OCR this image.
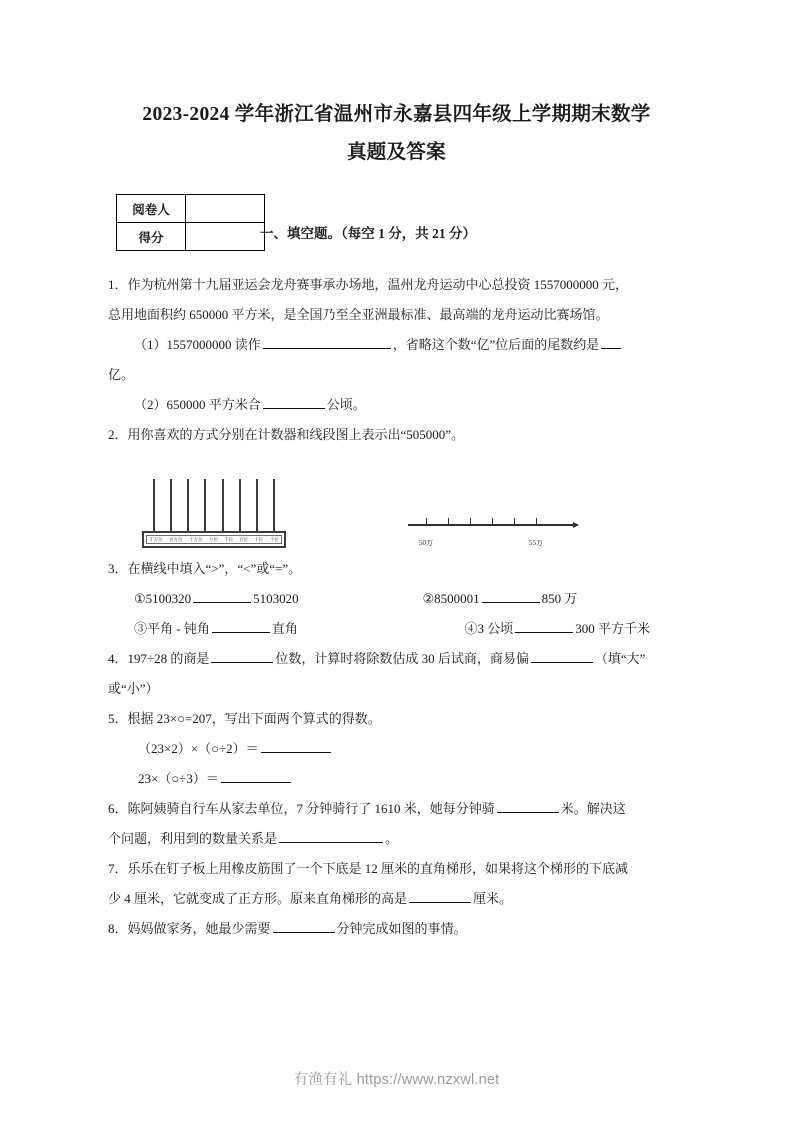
2023-2024 学年浙江省温州市永嘉县四年级上学期期末数学
真题及答案
阅卷人	
得分		一、填空题。（每空 1 分，共 21 分）

1．作为杭州第十九届亚运会龙舟赛事承办场地，温州龙舟运动中心总投资 1557000000 元，

总用地面积约 650000 平方米，是全国乃至全亚洲最标准、最高端的龙舟运动比赛场馆。

（1）1557000000 读作	，省略这个数“亿”位后面的尾数约是

亿。

（2）650000 平方米合	公顷。

2．用你喜欢的方式分别在计数器和线段图上表示出“505000”。

千万位 百万位 十万位 万位 千位 百位 十位 个位	50万	55万

3．在横线中填入“>”，“<”或“=”。

①5100320	5103020	②8500001	850 万
③平角 - 钝角	直角	④3 公顷	300 平方千米

4．197÷28 的商是	位数，计算时将除数估成 30 后试商，商易偏	（填“大”

或“小”）

5．根据 23×○=207，写出下面两个算式的得数。

（23×2）×（○÷2）＝

23×（○÷3）＝

6．陈阿姨骑自行车从家去单位，7 分钟骑行了 1610 米，她每分钟骑	米。解决这

个问题，利用到的数量关系是	。

7．乐乐在钉子板上用橡皮筋围了一个下底是 12 厘米的直角梯形，如果将这个梯形的下底减

少 4 厘米，它就变成了正方形。原来直角梯形的高是	厘米。

8．妈妈做家务，她最少需要	分钟完成如图的事情。

有渔有礼 https://www.nzxwl.net
